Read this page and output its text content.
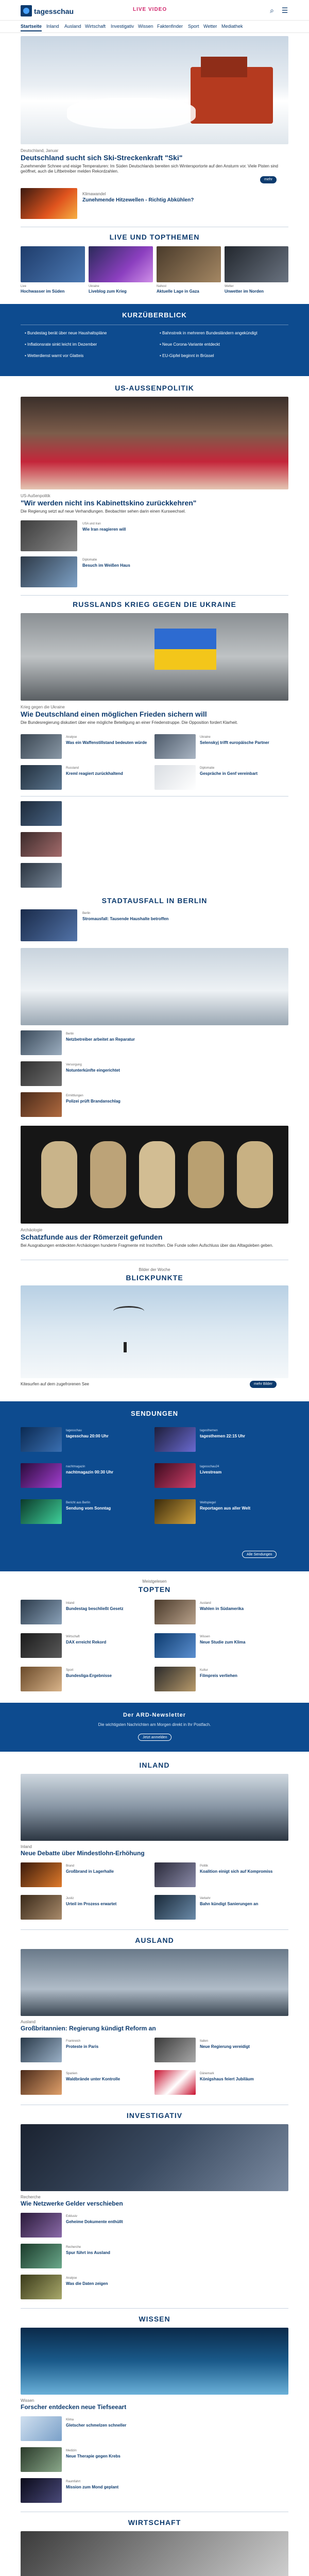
tagesschau	LIVE VIDEO	⌕ ☰
Startseite Inland Ausland Wirtschaft Investigativ Wissen Faktenfinder Sport Wetter Mediathek
Deutschland, Januar
Deutschland sucht sich Ski-Streckenkraft "Ski"
Zunehmender Schnee und eisige Temperaturen: Im Süden Deutschlands bereiten sich Wintersportorte auf den Ansturm vor. Viele Pisten sind geöffnet, auch die Liftbetreiber melden Rekordzahlen.
mehr
Klimawandel
Zunehmende Hitzewellen - Richtig Abkühlen?
LIVE UND TOPTHEMEN
Live
Hochwasser im Süden
Ukraine
Liveblog zum Krieg
Nahost
Aktuelle Lage in Gaza
Wetter
Unwetter im Norden
KURZÜBERBLICK
• Bundestag berät über neue Haushaltspläne	• Bahnstreik in mehreren Bundesländern angekündigt
• Inflationsrate sinkt leicht im Dezember	• Neue Corona-Variante entdeckt
• Wetterdienst warnt vor Glatteis	• EU-Gipfel beginnt in Brüssel
US-AUSSENPOLITIK
US-Außenpolitik
"Wir werden nicht ins Kabinettskino zurückkehren"
Die Regierung setzt auf neue Verhandlungen. Beobachter sehen darin einen Kurswechsel.
USA und Iran
Wie Iran reagieren will
Diplomatie
Besuch im Weißen Haus
RUSSLANDS KRIEG GEGEN DIE UKRAINE
Krieg gegen die Ukraine
Wie Deutschland einen möglichen Frieden sichern will
Die Bundesregierung diskutiert über eine mögliche Beteiligung an einer Friedenstruppe. Die Opposition fordert Klarheit.
Analyse
Was ein Waffenstillstand bedeuten würde
Ukraine
Selenskyj trifft europäische Partner
Russland
Kreml reagiert zurückhaltend
Diplomatie
Gespräche in Genf vereinbart
STADTAUSFALL IN BERLIN
Berlin
Stromausfall: Tausende Haushalte betroffen
Berlin
Netzbetreiber arbeitet an Reparatur
Versorgung
Notunterkünfte eingerichtet
Ermittlungen
Polizei prüft Brandanschlag
Archäologie
Schatzfunde aus der Römerzeit gefunden
Bei Ausgrabungen entdeckten Archäologen hunderte Fragmente mit Inschriften. Die Funde sollen Aufschluss über das Alltagsleben geben.
Bilder der Woche
BLICKPUNKTE
Kitesurfen auf dem zugefrorenen See	mehr Bilder
SENDUNGEN
tagesschau
tagesschau 20:00 Uhr
tagesthemen
tagesthemen 22:15 Uhr
nachtmagazin
nachtmagazin 00:30 Uhr
tagesschau24
Livestream
Bericht aus Berlin
Sendung vom Sonntag
Weltspiegel
Reportagen aus aller Welt
Alle Sendungen
Meistgelesen
TOPTEN
Inland
Bundestag beschließt Gesetz
Ausland
Wahlen in Südamerika
Wirtschaft
DAX erreicht Rekord
Wissen
Neue Studie zum Klima
Sport
Bundesliga-Ergebnisse
Kultur
Filmpreis verliehen
Der ARD-Newsletter
Die wichtigsten Nachrichten am Morgen direkt in Ihr Postfach.
Jetzt anmelden
INLAND
Inland
Neue Debatte über Mindestlohn-Erhöhung
Brand
Großbrand in Lagerhalle
Politik
Koalition einigt sich auf Kompromiss
Justiz
Urteil im Prozess erwartet
Verkehr
Bahn kündigt Sanierungen an
AUSLAND
Ausland
Großbritannien: Regierung kündigt Reform an
Frankreich
Proteste in Paris
Italien
Neue Regierung vereidigt
Spanien
Waldbrände unter Kontrolle
Dänemark
Königshaus feiert Jubiläum
INVESTIGATIV
Recherche
Wie Netzwerke Gelder verschieben
Exklusiv
Geheime Dokumente enthüllt
Recherche
Spur führt ins Ausland
Analyse
Was die Daten zeigen
WISSEN
Wissen
Forscher entdecken neue Tiefseeart
Klima
Gletscher schmelzen schneller
Medizin
Neue Therapie gegen Krebs
Raumfahrt
Mission zum Mond geplant
WIRTSCHAFT
